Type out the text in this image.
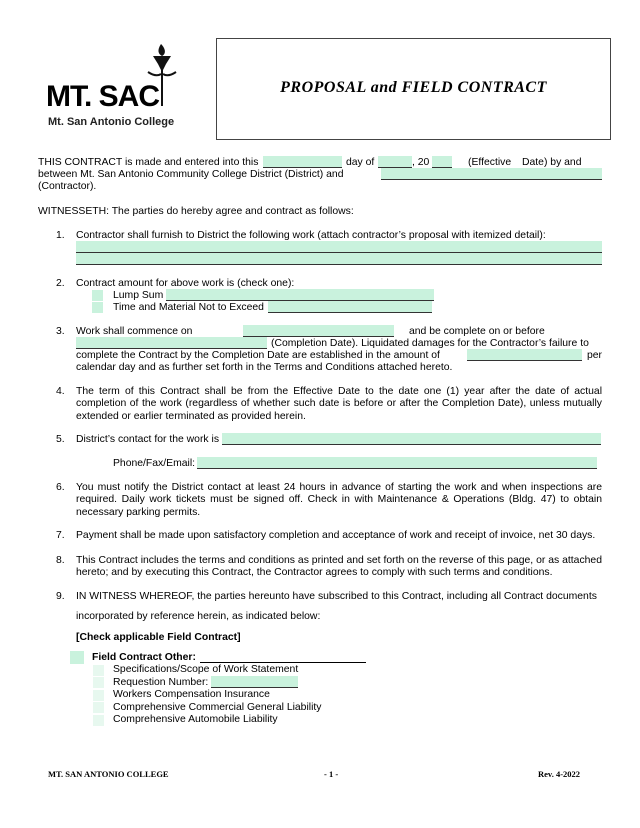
MT. SAC
Mt. San Antonio College
PROPOSAL and FIELD CONTRACT
THIS CONTRACT is made and entered into this	day of	, 20	(Effective Date) by and
between Mt. San Antonio Community College District (District) and
(Contractor).
WITNESSETH: The parties do hereby agree and contract as follows:
1. Contractor shall furnish to District the following work (attach contractor’s proposal with itemized detail):
2. Contract amount for above work is (check one):
Lump Sum
Time and Material Not to Exceed
3. Work shall commence on	and be complete on or before
(Completion Date). Liquidated damages for the Contractor’s failure to
complete the Contract by the Completion Date are established in the amount of	per
calendar day and as further set forth in the Terms and Conditions attached hereto.
4. The term of this Contract shall be from the Effective Date to the date one (1) year after the date of actual completion of the work (regardless of whether such date is before or after the Completion Date), unless mutually extended or earlier terminated as provided herein.
5. District’s contact for the work is
Phone/Fax/Email:
6. You must notify the District contact at least 24 hours in advance of starting the work and when inspections are required. Daily work tickets must be signed off. Check in with Maintenance & Operations (Bldg. 47) to obtain necessary parking permits.
7. Payment shall be made upon satisfactory completion and acceptance of work and receipt of invoice, net 30 days.
8. This Contract includes the terms and conditions as printed and set forth on the reverse of this page, or as attached hereto; and by executing this Contract, the Contractor agrees to comply with such terms and conditions.
9. IN WITNESS WHEREOF, the parties hereunto have subscribed to this Contract, including all Contract documents
incorporated by reference herein, as indicated below:
[Check applicable Field Contract]
Field Contract Other:
Specifications/Scope of Work Statement
Requestion Number:
Workers Compensation Insurance
Comprehensive Commercial General Liability
Comprehensive Automobile Liability
MT. SAN ANTONIO COLLEGE	- 1 -	Rev. 4-2022
